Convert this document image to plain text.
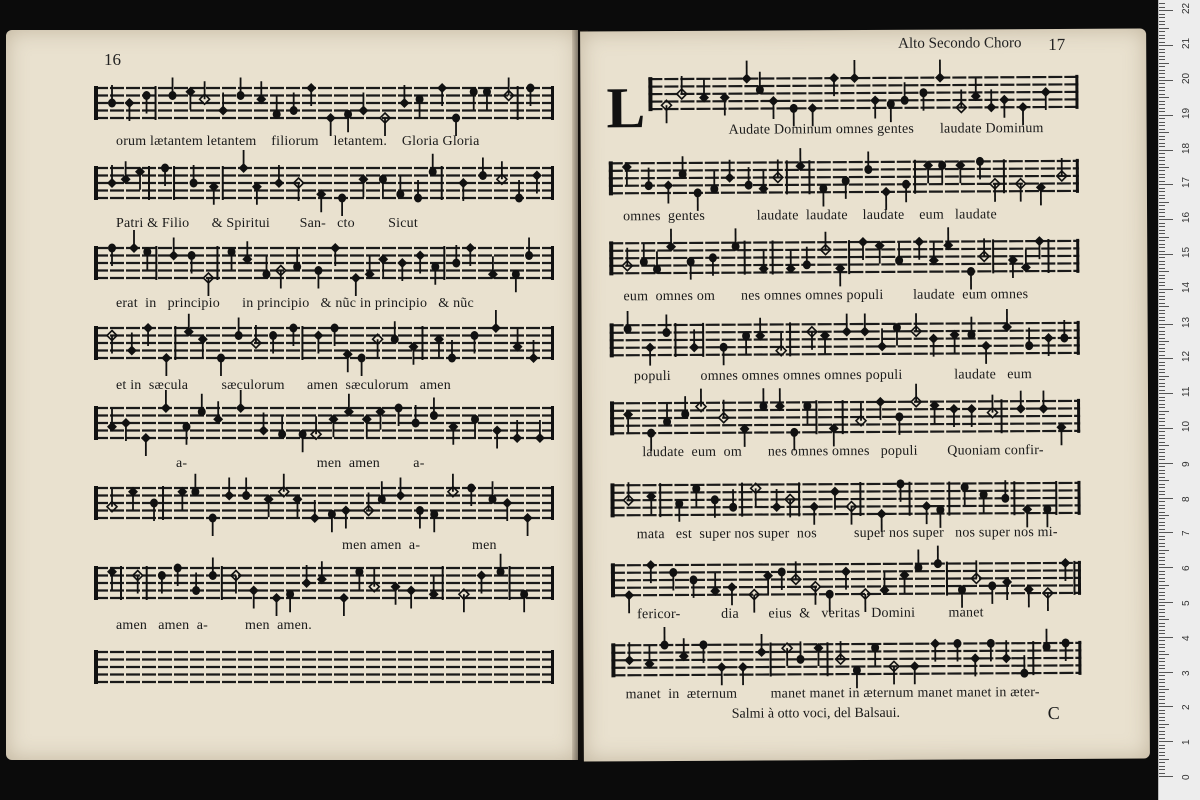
16
orum lætantem letantem    filiorum    letantem.    Gloria Gloria
Patri & Filio      & Spiritui        San-   cto         Sicut
erat  in   principio      in principio   & nũc in principio   & nũc
et in  sæcula         sæculorum      amen  sæculorum   amen
a-                                   men  amen         a-
men amen  a-              men
amen   amen  a-          men  amen.
Alto Secondo Choro 17
L	Audate Dominum omnes gentes       laudate Dominum
omnes  gentes              laudate  laudate    laudate    eum   laudate
eum  omnes om       nes omnes omnes populi        laudate  eum omnes
populi        omnes omnes omnes omnes populi              laudate   eum
laudate  eum  om       nes omnes omnes   populi        Quoniam confir-
mata   est  super nos super  nos          super nos super   nos super nos mi-
fericor-           dia        eius  &   veritas   Domini         manet
manet  in  æternum         manet manet in æternum manet manet in æter-
Salmi à otto voci, del Balsaui.	C
0
1
2
3
4
5
6
7
8
9
10
11
12
13
14
15
16
17
18
19
20
21
22
